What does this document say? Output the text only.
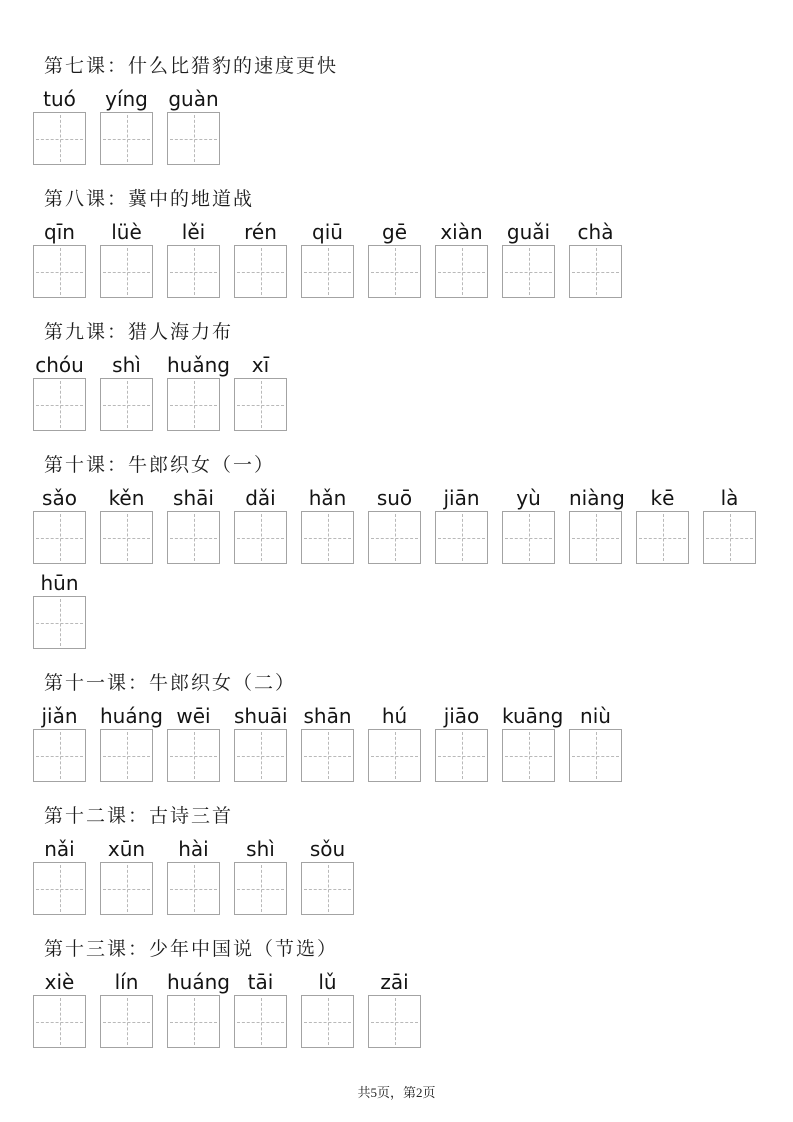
第七课：什么比猎豹的速度更快
tuó	yíng guàn
第八课：冀中的地道战
qīn	lüè	lěi	rén	qiū	gē	xiàn guǎi	chà
第九课：猎人海力布
chóu	shì	huǎng	xī
第十课：牛郎织女（一）
sǎo	kěn	shāi	dǎi	hǎn	suō	jiān	yù	niàng	kē	là
hūn
第十一课：牛郎织女（二）
jiǎn	huáng wēi	shuāi shān	hú	jiāo	kuāng niù
第十二课：古诗三首
nǎi	xūn	hài	shì	sǒu
第十三课：少年中国说（节选）
xiè	lín	huáng tāi	lǔ	zāi
共5页，第2页
